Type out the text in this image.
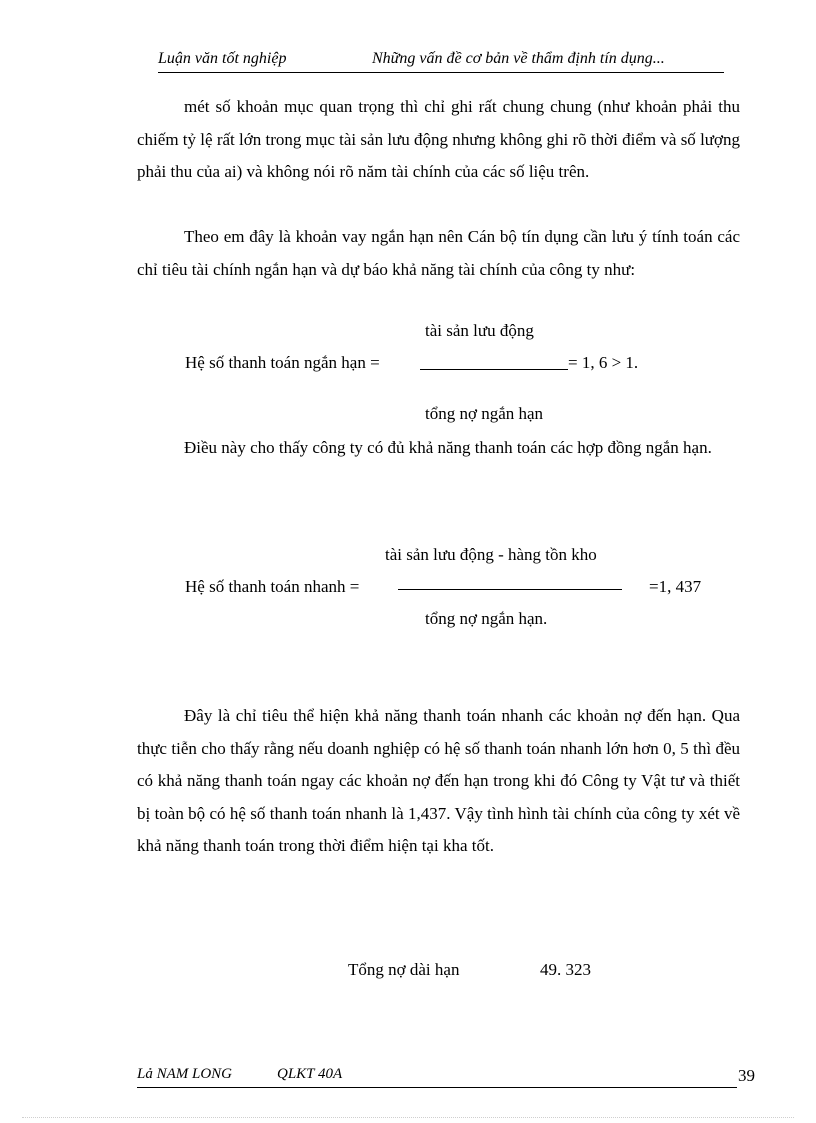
Luận văn tốt nghiệp	Những vấn đề cơ bản về thẩm định tín dụng...

mét số khoản mục quan trọng thì chỉ ghi rất chung chung (như khoản phải thu chiếm tỷ lệ rất lớn trong mục tài sản lưu động nhưng không ghi rõ thời điểm và số lượng phải thu của ai) và không nói rõ năm tài chính của các số liệu trên.

Theo em đây là khoản vay ngắn hạn nên Cán bộ tín dụng cần lưu ý tính toán các chỉ tiêu tài chính ngắn hạn và dự báo khả năng tài chính của công ty như:

tài sản lưu động
Hệ số thanh toán ngắn hạn =	= 1, 6 > 1.
tổng nợ ngắn hạn

Điều này cho thấy công ty có đủ khả năng thanh toán các hợp đồng ngắn hạn.

tài sản lưu động - hàng tồn kho
Hệ số thanh toán nhanh =	=1, 437
tổng nợ ngắn hạn.

Đây là chỉ tiêu thể hiện khả năng thanh toán nhanh các khoản nợ đến hạn. Qua thực tiễn cho thấy rằng nếu doanh nghiệp có hệ số thanh toán nhanh lớn hơn 0, 5 thì đều có khả năng thanh toán ngay các khoản nợ đến hạn trong khi đó Công ty Vật tư và thiết bị toàn bộ có hệ số thanh toán nhanh là 1,437. Vậy tình hình tài chính của công ty xét về khả năng thanh toán trong thời điểm hiện tại kha tốt.

Tổng nợ dài hạn	49. 323
Lả NAM LONG	QLKT 40A	39
